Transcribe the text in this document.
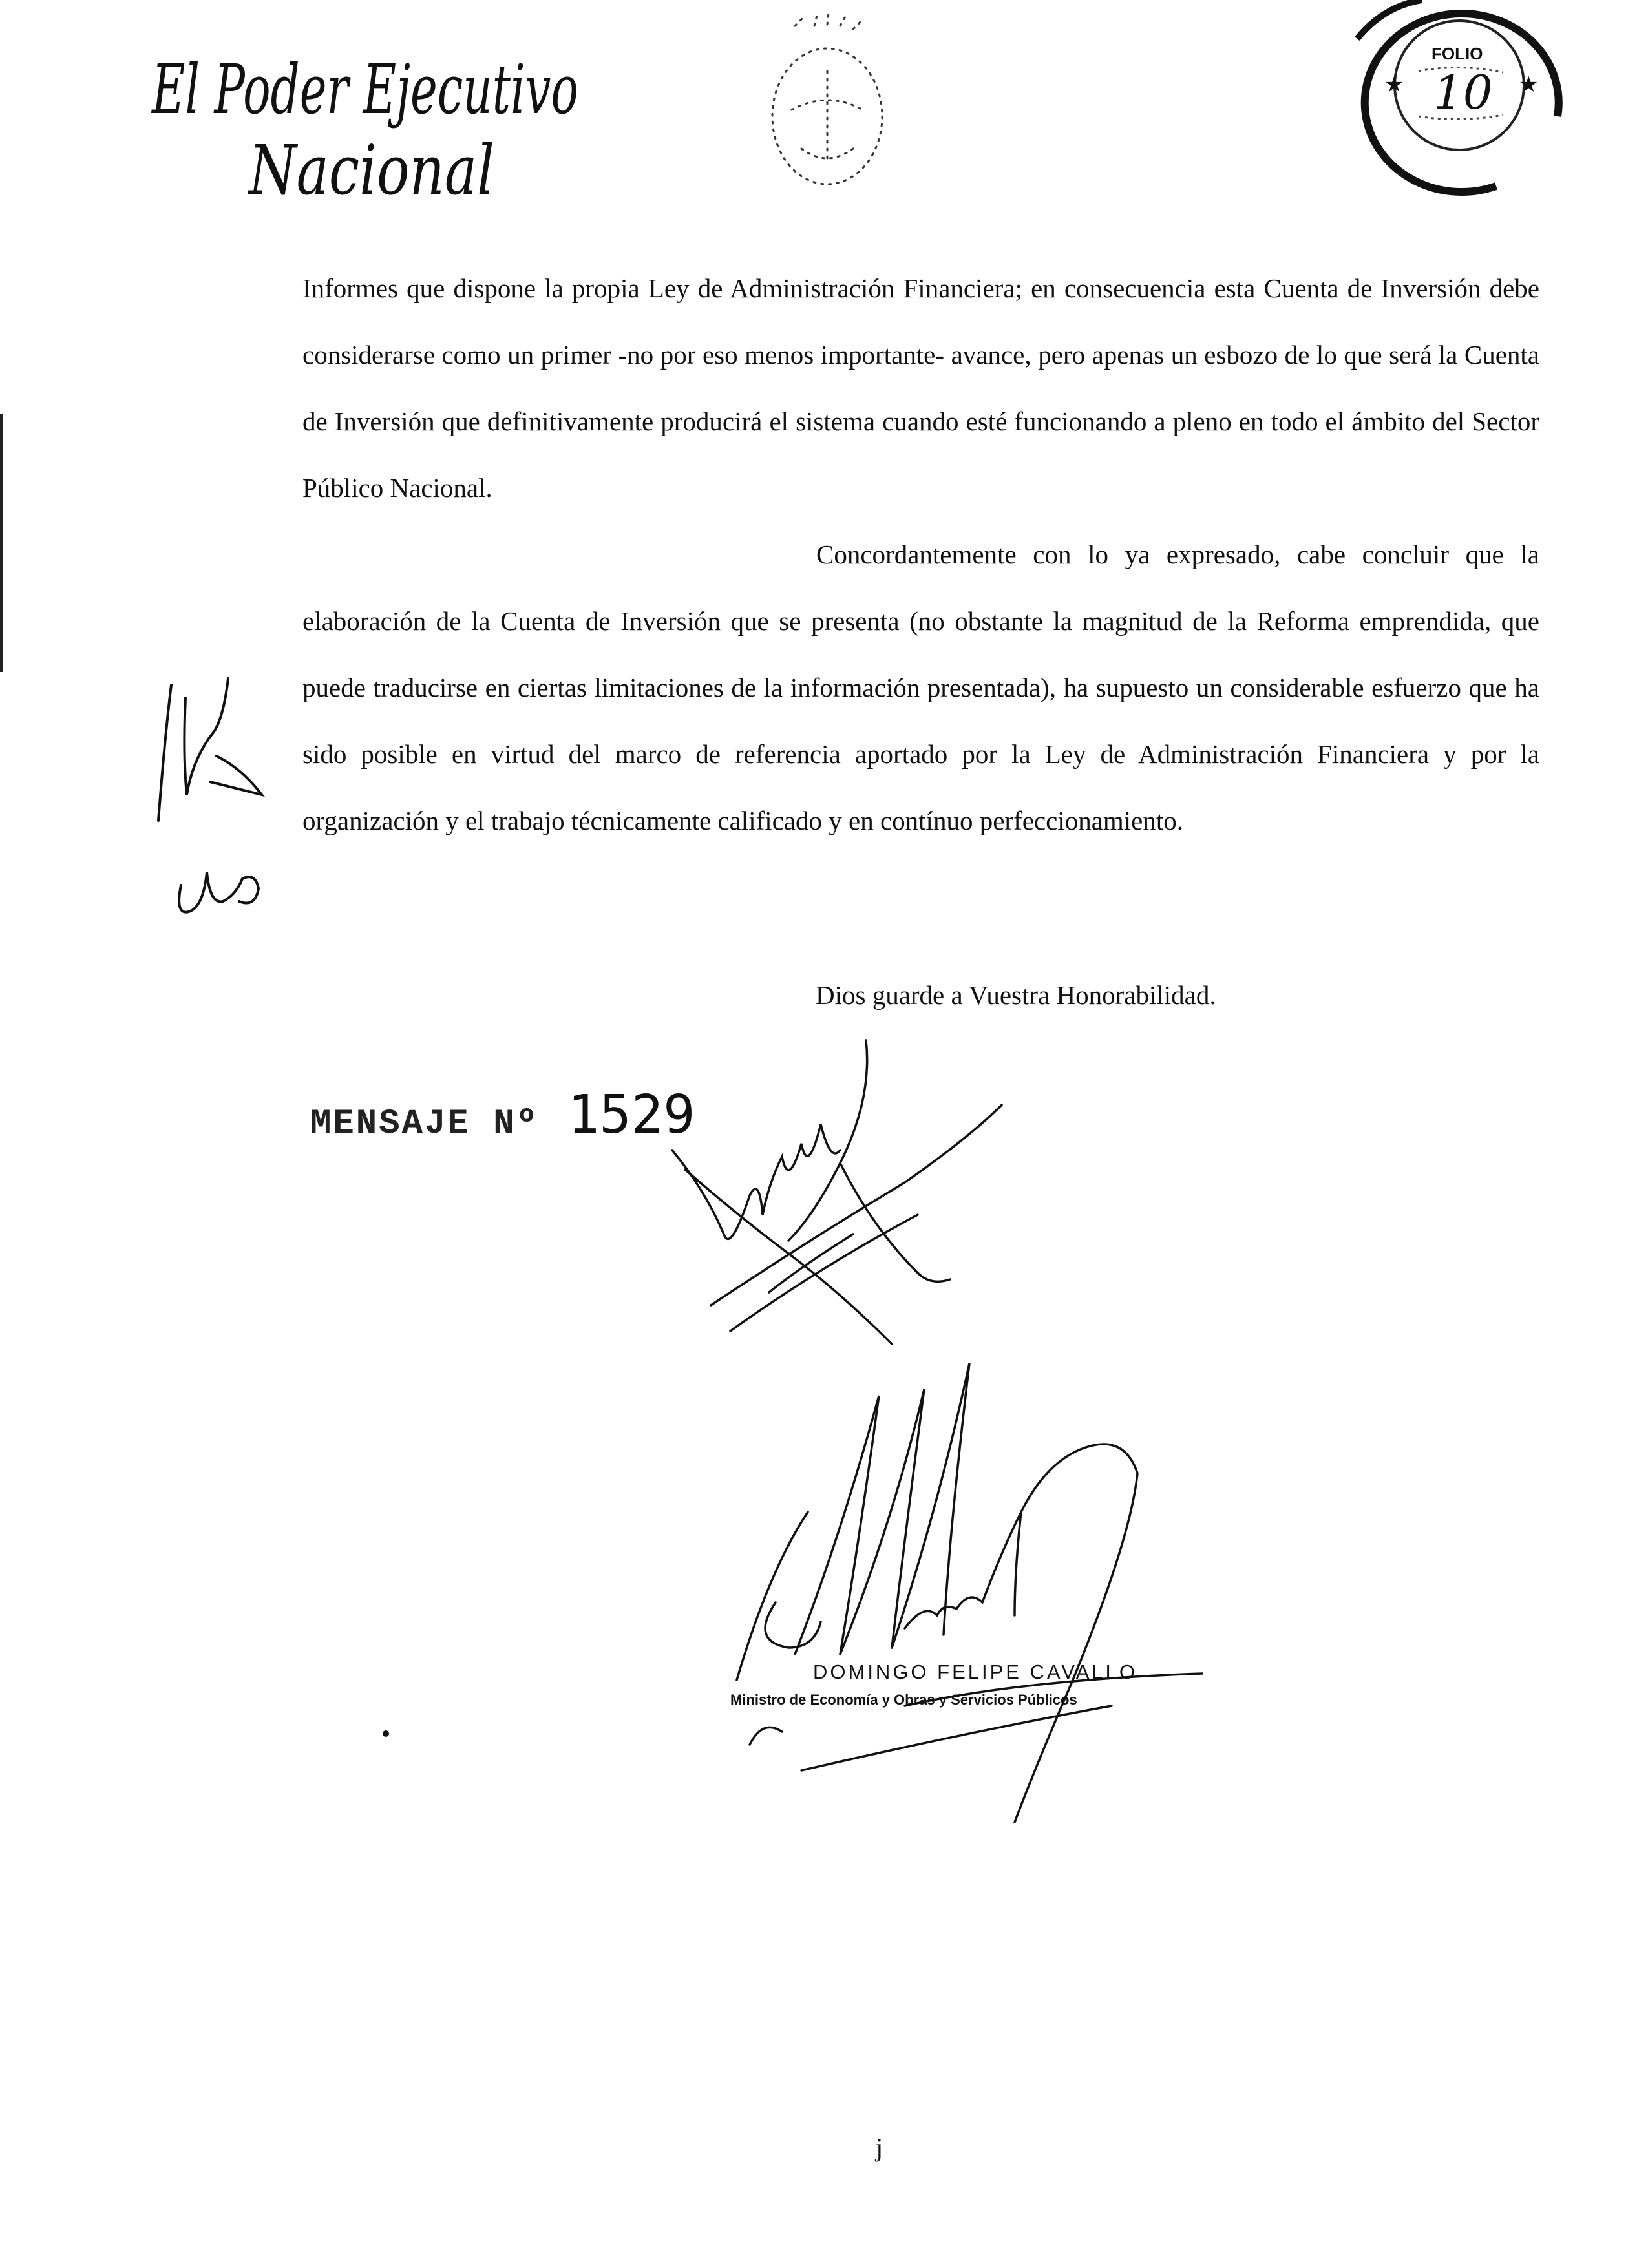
El Poder Ejecutivo
Nacional
FOLIO
10
★	★

Informes que dispone la propia Ley de Administración Financiera; en consecuencia esta Cuenta de Inversión debe considerarse como un primer -no por eso menos importante- avance, pero apenas un esbozo de lo que será la Cuenta de Inversión que definitivamente producirá el sistema cuando esté funcionando a pleno en todo el ámbito del Sector Público Nacional.

Concordantemente con lo ya expresado, cabe concluir que la elaboración de la Cuenta de Inversión que se presenta (no obstante la magnitud de la Reforma emprendida, que puede traducirse en ciertas limitaciones de la información presentada), ha supuesto un considerable esfuerzo que ha sido posible en virtud del marco de referencia aportado por la Ley de Administración Financiera y por la organización y el trabajo técnicamente calificado y en contínuo perfeccionamiento.

Dios guarde a Vuestra Honorabilidad.
MENSAJE Nº 1529
DOMINGO FELIPE CAVALLO
Ministro de Economía y Obras y Servicios Públicos
j
